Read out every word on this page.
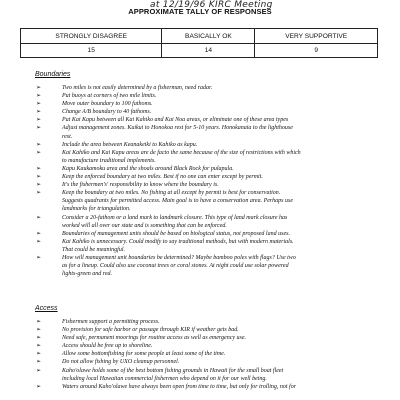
at 12/19/96 KIRC Meeting
APPROXIMATE TALLY OF RESPONSES
STRONGLY DISAGREE	BASICALLY OK	VERY SUPPORTIVE
15	14	9
Boundaries
➢	Two miles is not easily determined by a fisherman, need radar.
➢	Put buoys at corners of two mile limits.
➢	Move outer boundary to 100 fathoms.
➢	Change A/B boundary to 40 fathoms.
➢	Put Kai Kapu between all Kai Kahiko and Kai Noa areas, or eliminate one of these area types
➢	Adjust management zones. Kuikui to Honokoa rest for 5-10 years. Honokanaia to the lighthouse
rest.
➢	Include the area between Keanakeiki to Kahiko as kapu.
➢	Kai Kahiko and Kai Kapu areas are de facto the same because of the size of restrictions with which
to manufacture traditional implements.
➢	Kapu Kaukamoku area and the shoals around Black Rock for pulapula.
➢	Keep the enforced boundary at two miles. Best if no one can enter except by permit.
➢	It's the fishermen's' responsibility to know where the boundary is.
➢	Keep the boundary at two miles. No fishing at all except by permit is best for conservation.
Suggests quadrants for permitted access. Main goal is to have a conservation area. Perhaps use
landmarks for triangulation.
➢	Consider a 20-fathom or a land mark to landmark closure. This type of land mark closure has
worked will all over our state and is something that can be enforced.
➢	Boundaries of management units should be based on biological status, not proposed land uses.
➢	Kai Kahiko is unnecessary. Could modify to say traditional methods, but with modern materials.
That could be meaningful.
➢	How will management unit boundaries be determined? Maybe bamboo poles with flags? Use two
as for a lineup. Could also use coconut trees or coral stones. At night could use solar powered
lights-green and red.
Access
➢	Fishermen support a permitting process.
➢	No provision for safe harbor or passage through KIR if weather gets bad.
➢	Need safe, permanent moorings for routine access as well as emergency use.
➢	Access should be free up to shoreline.
➢	Allow some bottomfishing for some people at least some of the time.
➢	Do not allow fishing by UXO cleanup personnel.
➢	Kaho'olawe holds some of the best bottom fishing grounds in Hawaii for the small boat fleet
including local Hawaiian commercial fishermen who depend on it for our well being.
➢	Waters around Kaho'olawe have always been open from time to time, but only for trolling, not for
